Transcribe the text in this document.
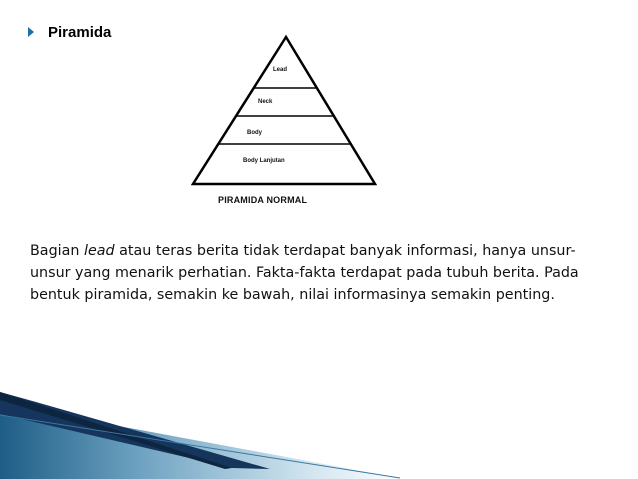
Piramida
Lead
Neck
Body
Body Lanjutan
PIRAMIDA NORMAL
Bagian lead atau teras berita tidak terdapat banyak informasi, hanya unsur-unsur yang menarik perhatian. Fakta-fakta terdapat pada tubuh berita. Pada bentuk piramida, semakin ke bawah, nilai informasinya semakin penting.
